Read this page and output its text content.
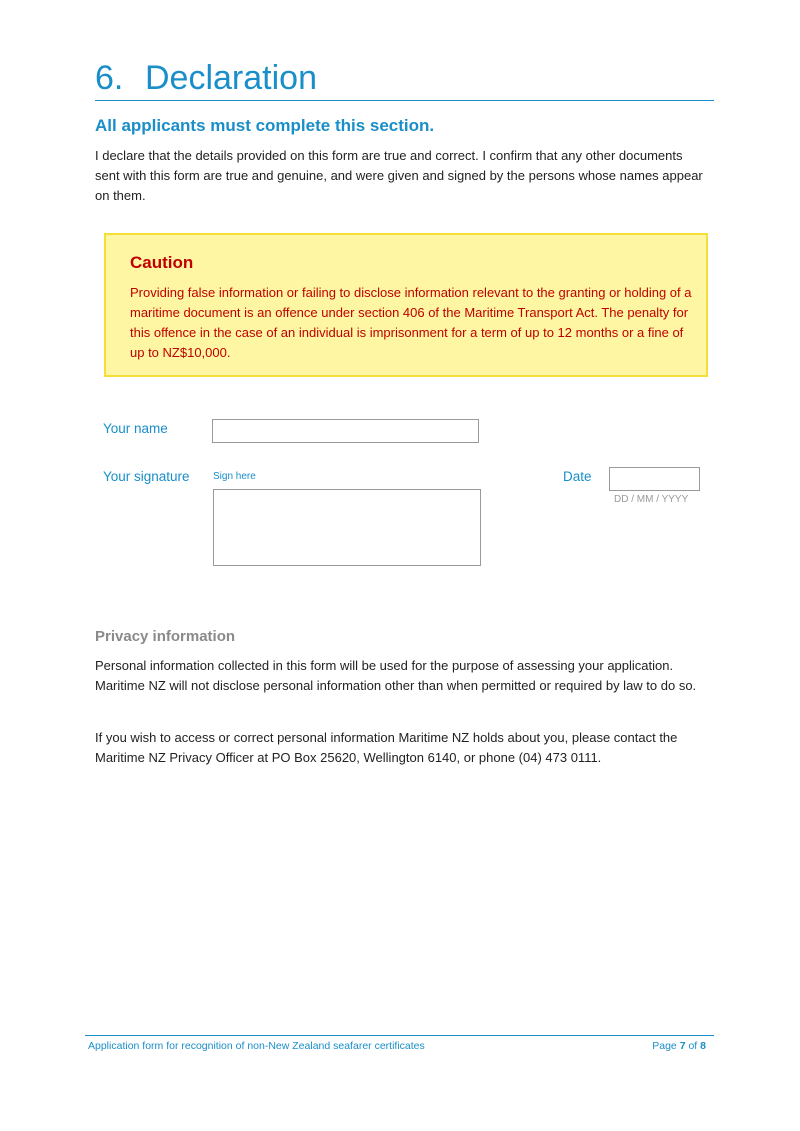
6. Declaration
All applicants must complete this section.
I declare that the details provided on this form are true and correct. I confirm that any other documents sent with this form are true and genuine, and were given and signed by the persons whose names appear on them.
Caution
Providing false information or failing to disclose information relevant to the granting or holding of a maritime document is an offence under section 406 of the Maritime Transport Act. The penalty for this offence in the case of an individual is imprisonment for a term of up to 12 months or a fine of up to NZ$10,000.
Your name
Your signature Sign here	Date
DD / MM / YYYY
Privacy information
Personal information collected in this form will be used for the purpose of assessing your application. Maritime NZ will not disclose personal information other than when permitted or required by law to do so.
If you wish to access or correct personal information Maritime NZ holds about you, please contact the Maritime NZ Privacy Officer at PO Box 25620, Wellington 6140, or phone (04) 473 0111.
Application form for recognition of non-New Zealand seafarer certificates	Page 7 of 8
